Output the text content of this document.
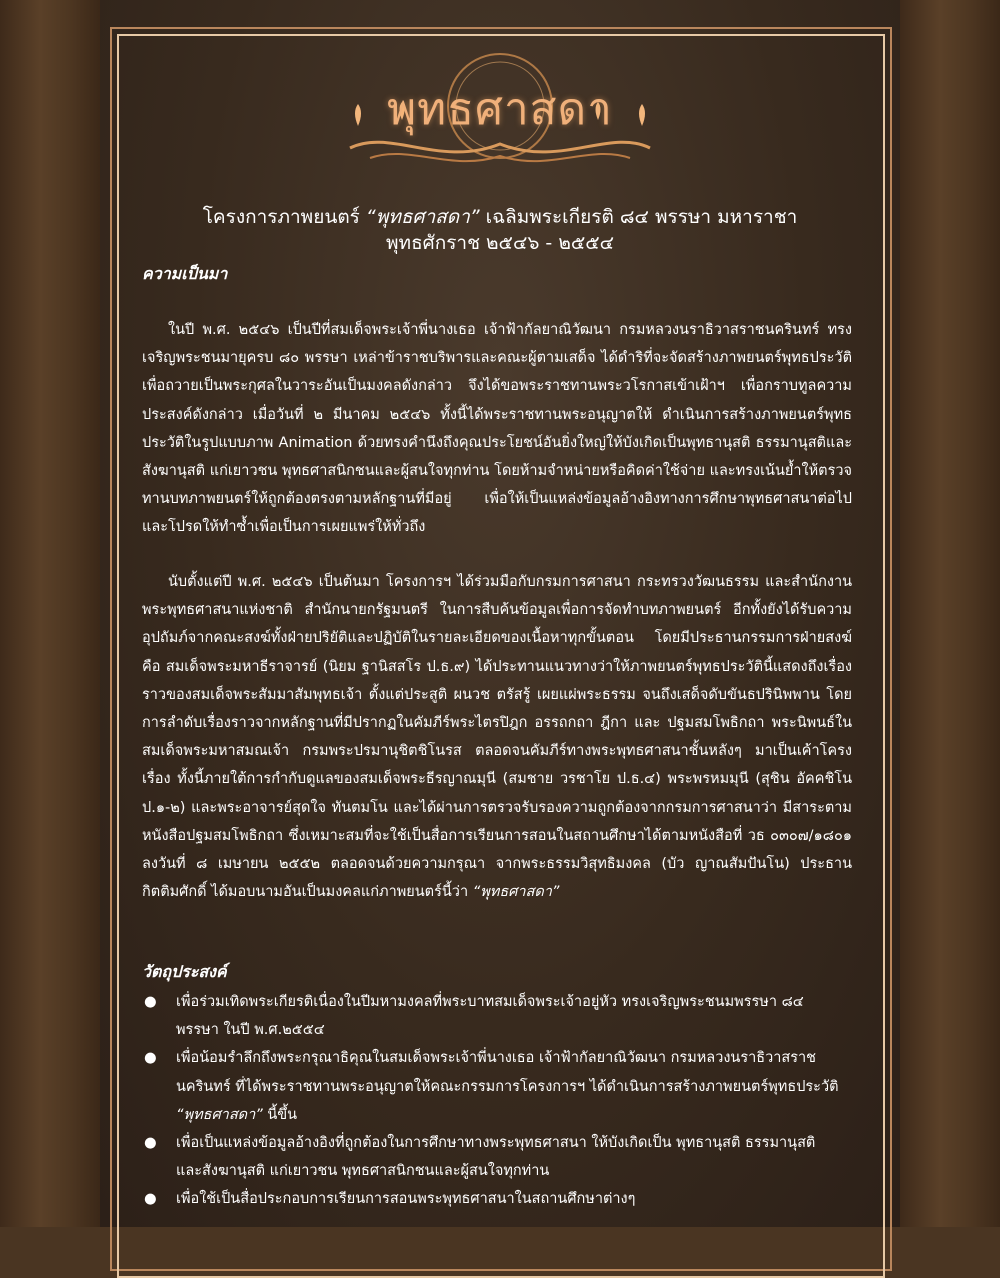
พุทธศาสดา
โครงการภาพยนตร์ “พุทธศาสดา” เฉลิมพระเกียรติ ๘๔ พรรษา มหาราชา
พุทธศักราช ๒๕๔๖ - ๒๕๕๔
ความเป็นมา
ในปี พ.ศ. ๒๕๔๖ เป็นปีที่สมเด็จพระเจ้าพี่นางเธอ เจ้าฟ้ากัลยาณิวัฒนา กรมหลวงนราธิวาสราชนครินทร์ ทรงเจริญพระชนมายุครบ ๘๐ พรรษา เหล่าข้าราชบริพารและคณะผู้ตามเสด็จ ได้ดำริที่จะจัดสร้างภาพยนตร์พุทธประวัติเพื่อถวายเป็นพระกุศลในวาระอันเป็นมงคลดังกล่าว จึงได้ขอพระราชทานพระวโรกาสเข้าเฝ้าฯ เพื่อกราบทูลความประสงค์ดังกล่าว เมื่อวันที่ ๒ มีนาคม ๒๕๔๖ ทั้งนี้ได้พระราชทานพระอนุญาตให้ ดำเนินการสร้างภาพยนตร์พุทธประวัติในรูปแบบภาพ Animation ด้วยทรงคำนึงถึงคุณประโยชน์อันยิ่งใหญ่ให้บังเกิดเป็นพุทธานุสติ ธรรมานุสติและสังฆานุสติ แก่เยาวชน พุทธศาสนิกชนและผู้สนใจทุกท่าน โดยห้ามจำหน่ายหรือคิดค่าใช้จ่าย และทรงเน้นย้ำให้ตรวจทานบทภาพยนตร์ให้ถูกต้องตรงตามหลักฐานที่มีอยู่ เพื่อให้เป็นแหล่งข้อมูลอ้างอิงทางการศึกษาพุทธศาสนาต่อไป และโปรดให้ทำซ้ำเพื่อเป็นการเผยแพร่ให้ทั่วถึง
นับตั้งแต่ปี พ.ศ. ๒๕๔๖ เป็นต้นมา โครงการฯ ได้ร่วมมือกับกรมการศาสนา กระทรวงวัฒนธรรม และสำนักงานพระพุทธศาสนาแห่งชาติ สำนักนายกรัฐมนตรี ในการสืบค้นข้อมูลเพื่อการจัดทำบทภาพยนตร์ อีกทั้งยังได้รับความอุปถัมภ์จากคณะสงฆ์ทั้งฝ่ายปริยัติและปฏิบัติในรายละเอียดของเนื้อหาทุกขั้นตอน โดยมีประธานกรรมการฝ่ายสงฆ์ คือ สมเด็จพระมหาธีราจารย์ (นิยม ฐานิสสโร ป.ธ.๙) ได้ประทานแนวทางว่าให้ภาพยนตร์พุทธประวัตินี้แสดงถึงเรื่องราวของสมเด็จพระสัมมาสัมพุทธเจ้า ตั้งแต่ประสูติ ผนวช ตรัสรู้ เผยแผ่พระธรรม จนถึงเสด็จดับขันธปรินิพพาน โดยการลำดับเรื่องราวจากหลักฐานที่มีปรากฏในคัมภีร์พระไตรปิฎก อรรถกถา ฎีกา และ ปฐมสมโพธิกถา พระนิพนธ์ในสมเด็จพระมหาสมณเจ้า กรมพระปรมานุชิตชิโนรส ตลอดจนคัมภีร์ทางพระพุทธศาสนาชั้นหลังๆ มาเป็นเค้าโครงเรื่อง ทั้งนี้ภายใต้การกำกับดูแลของสมเด็จพระธีรญาณมุนี (สมชาย วรชาโย ป.ธ.๔) พระพรหมมุนี (สุชิน อัคคชิโน ป.๑-๒) และพระอาจารย์สุดใจ ทันตมโน และได้ผ่านการตรวจรับรองความถูกต้องจากกรมการศาสนาว่า มีสาระตามหนังสือปฐมสมโพธิกถา ซึ่งเหมาะสมที่จะใช้เป็นสื่อการเรียนการสอนในสถานศึกษาได้ตามหนังสือที่ วธ ๐๓๐๗/๑๘๐๑ ลงวันที่ ๘ เมษายน ๒๕๕๒ ตลอดจนด้วยความกรุณา จากพระธรรมวิสุทธิมงคล (บัว ญาณสัมปันโน) ประธานกิตติมศักดิ์ ได้มอบนามอันเป็นมงคลแก่ภาพยนตร์นี้ว่า “พุทธศาสดา”
วัตถุประสงค์
● เพื่อร่วมเทิดพระเกียรติเนื่องในปีมหามงคลที่พระบาทสมเด็จพระเจ้าอยู่หัว ทรงเจริญพระชนมพรรษา ๘๔ พรรษา ในปี พ.ศ.๒๕๕๔
● เพื่อน้อมรำลึกถึงพระกรุณาธิคุณในสมเด็จพระเจ้าพี่นางเธอ เจ้าฟ้ากัลยาณิวัฒนา กรมหลวงนราธิวาสราชนครินทร์ ที่ได้พระราชทานพระอนุญาตให้คณะกรรมการโครงการฯ ได้ดำเนินการสร้างภาพยนตร์พุทธประวัติ “พุทธศาสดา” นี้ขึ้น
● เพื่อเป็นแหล่งข้อมูลอ้างอิงที่ถูกต้องในการศึกษาทางพระพุทธศาสนา ให้บังเกิดเป็น พุทธานุสติ ธรรมานุสติ และสังฆานุสติ แก่เยาวชน พุทธศาสนิกชนและผู้สนใจทุกท่าน
● เพื่อใช้เป็นสื่อประกอบการเรียนการสอนพระพุทธศาสนาในสถานศึกษาต่างๆ
